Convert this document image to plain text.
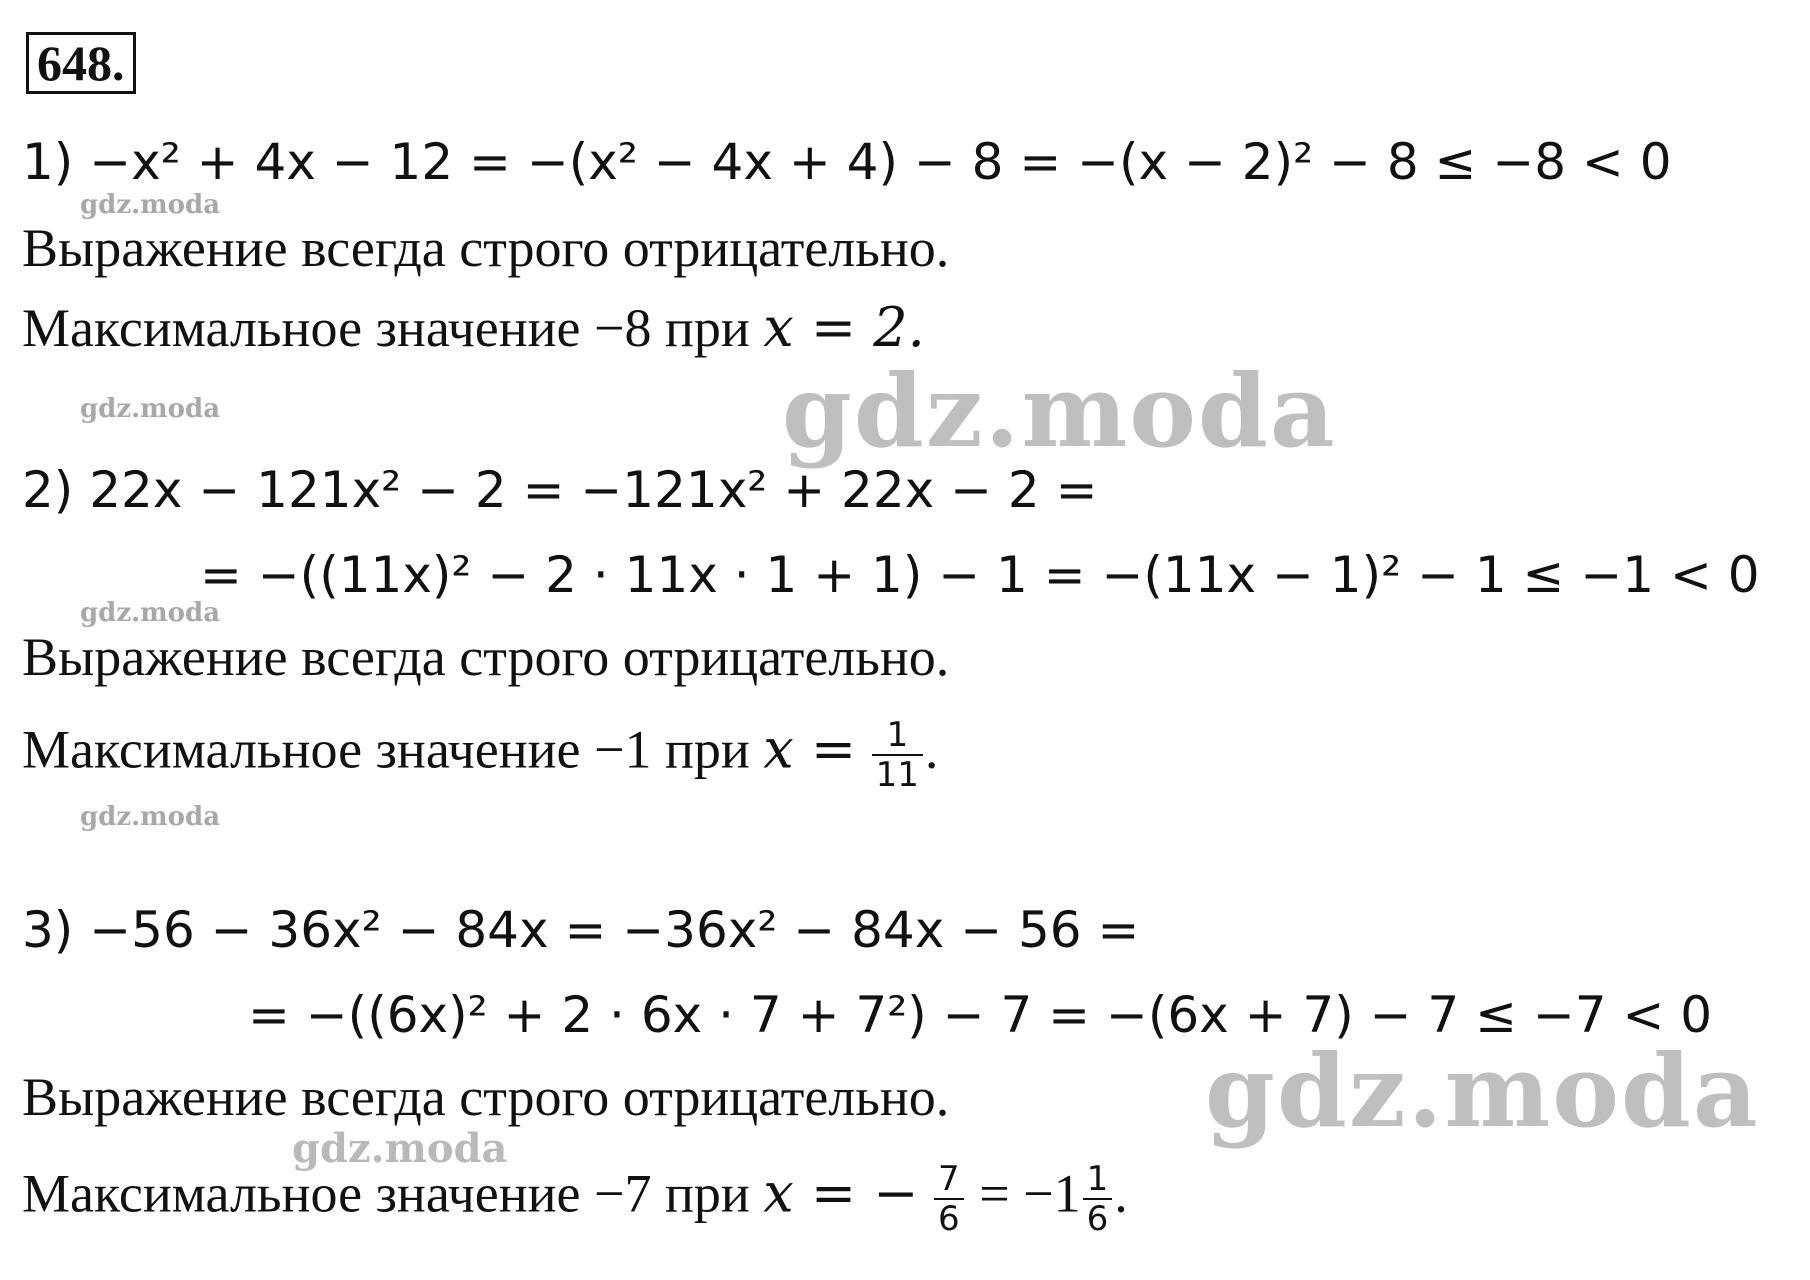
648.
1) −x² + 4x − 12 = −(x² − 4x + 4) − 8 = −(x − 2)² − 8 ≤ −8 < 0
Выражение всегда строго отрицательно.
Максимальное значение −8 при x = 2.
2) 22x − 121x² − 2 = −121x² + 22x − 2 =
= −((11x)² − 2 · 11x · 1 + 1) − 1 = −(11x − 1)² − 1 ≤ −1 < 0
Выражение всегда строго отрицательно.
Максимальное значение −1 при $x = \frac{1}{11}$ .
3) −56 − 36x² − 84x = −36x² − 84x − 56 =
= −((6x)² + 2 · 6x · 7 + 7²) − 7 = −(6x + 7) − 7 ≤ −7 < 0
Выражение всегда строго отрицательно.
Максимальное значение −7 при x = − $\frac{7}{6} = -1 \frac{1}{6}$ .
gdz.moda
gdz.moda
gdz.moda
gdz.moda
gdz.moda
gdz.moda
gdz.moda
